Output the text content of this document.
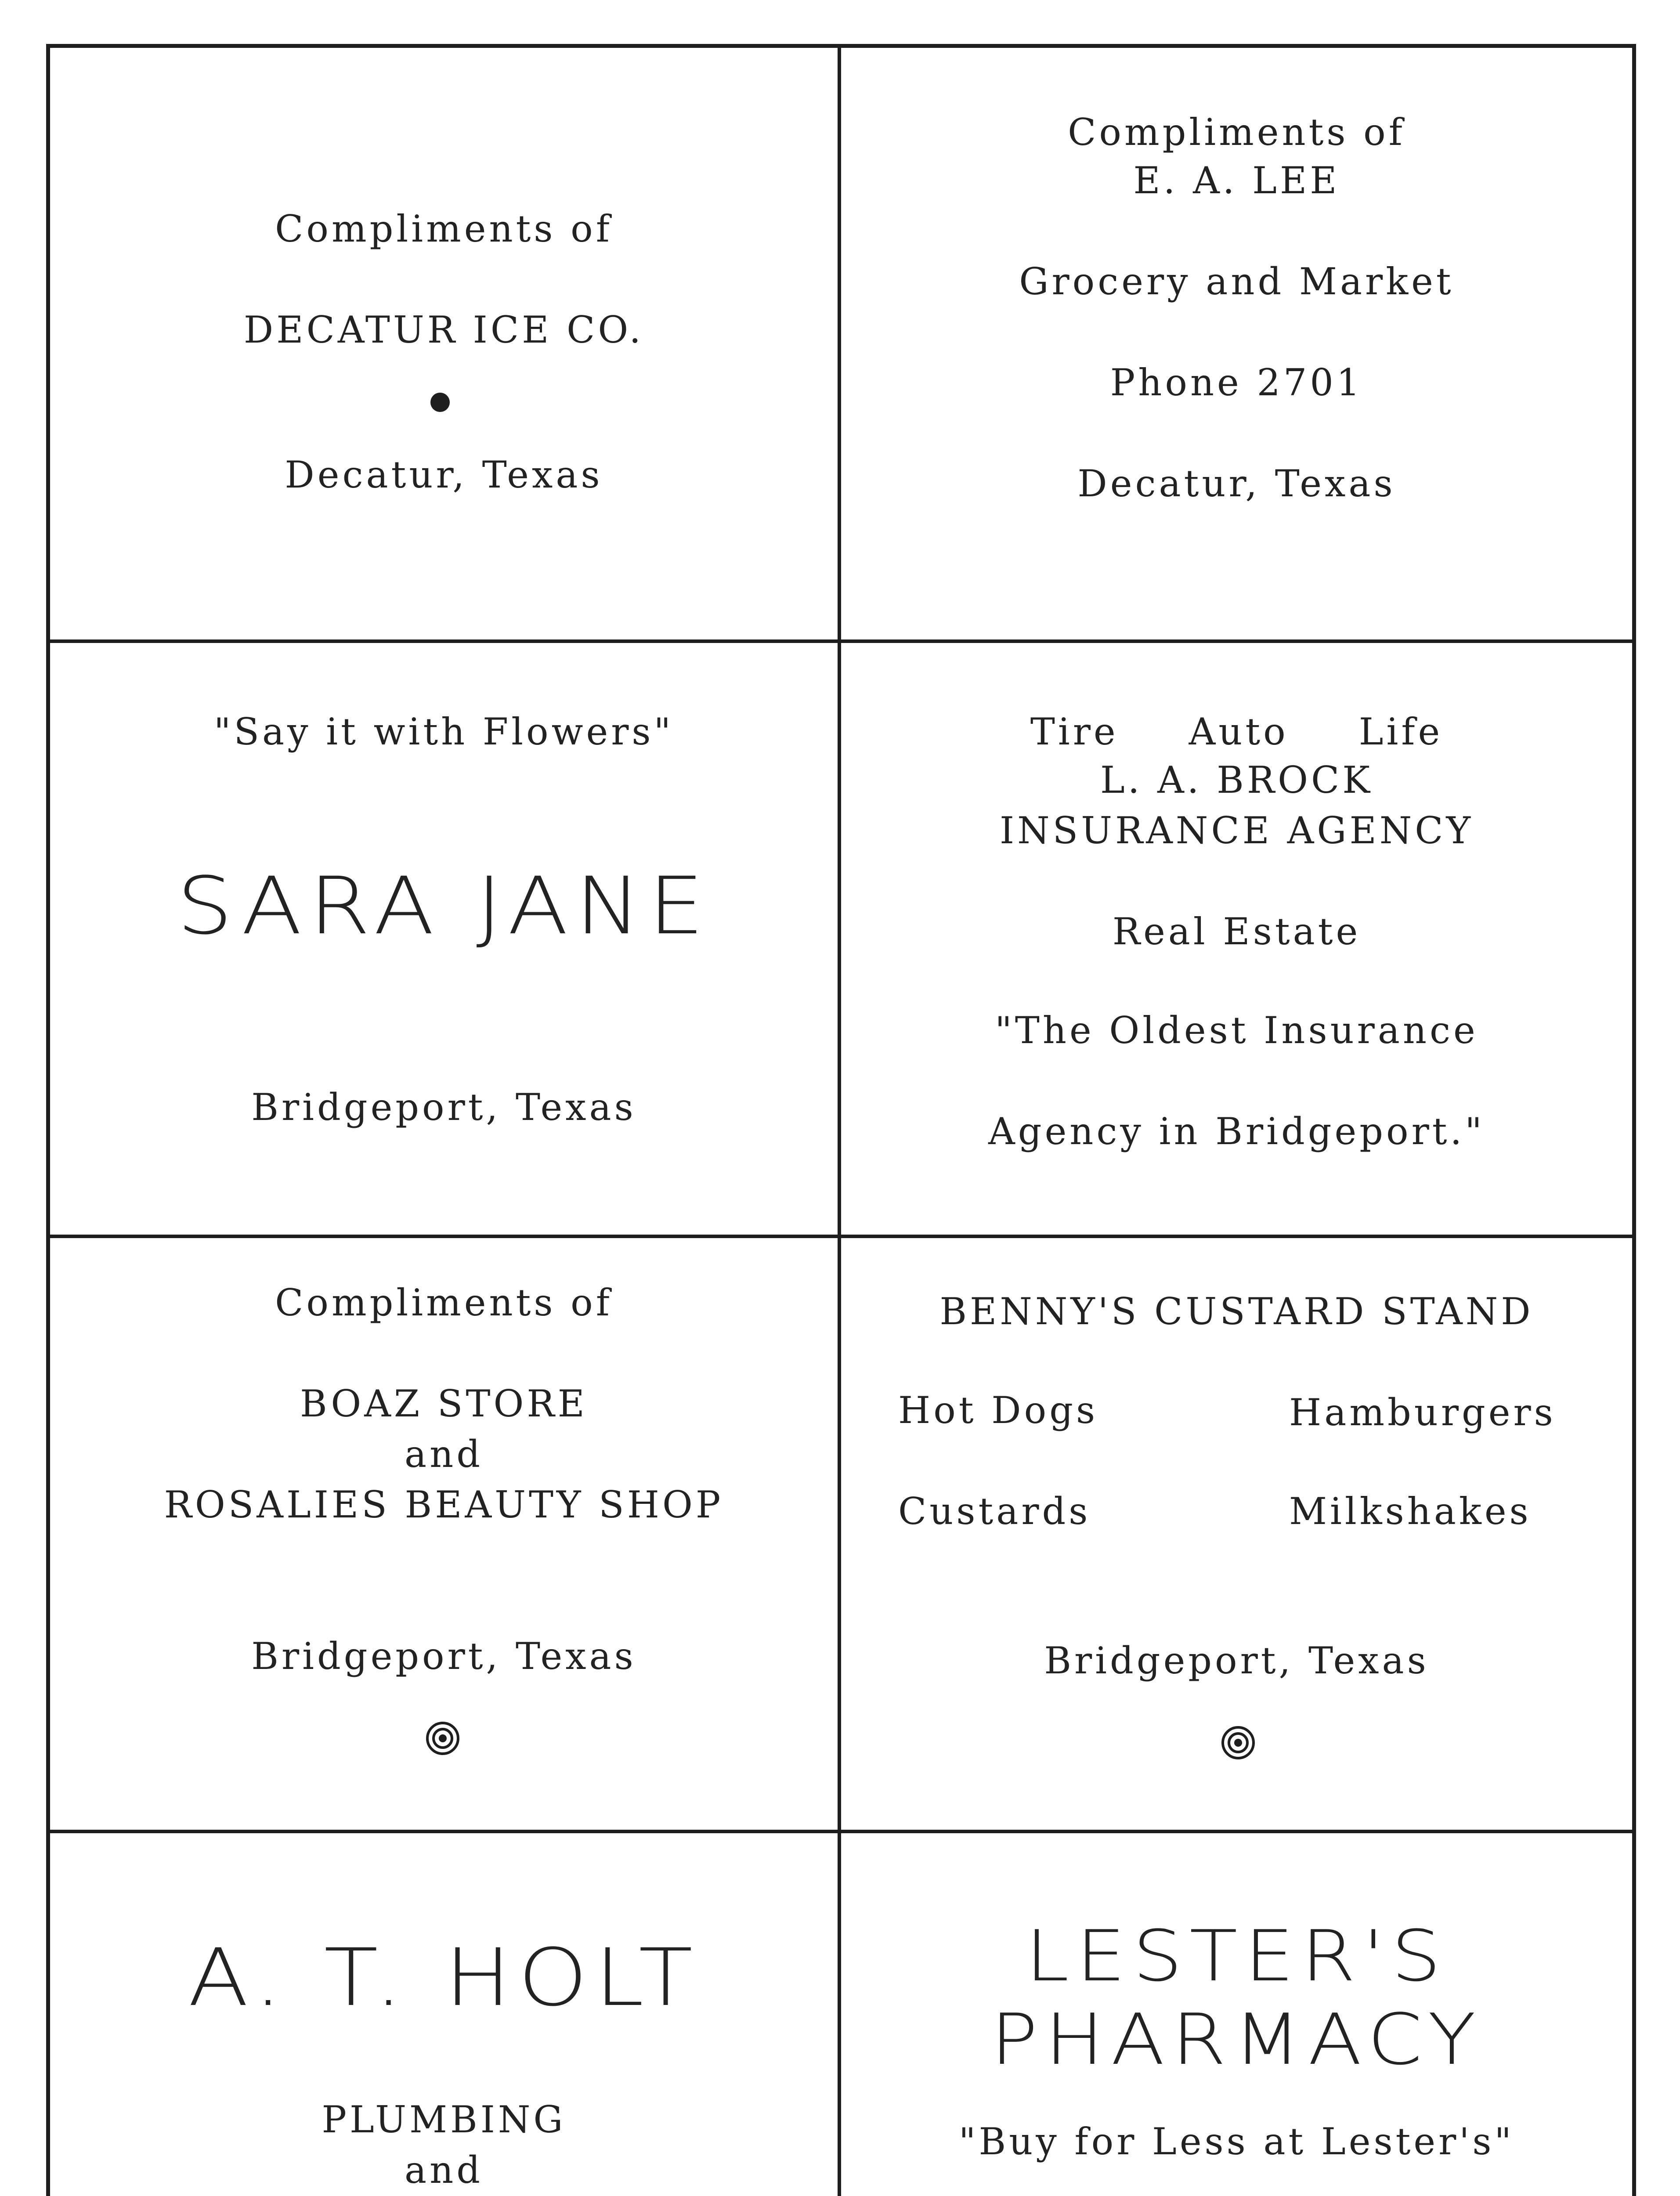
Compliments of
DECATUR ICE CO.
Decatur, Texas
Compliments of
E. A. LEE
Grocery and Market
Phone 2701
Decatur, Texas
"Say it with Flowers"
SARA JANE
Bridgeport, Texas
Tire Auto Life
L. A. BROCK
INSURANCE AGENCY
Real Estate
"The Oldest Insurance
Agency in Bridgeport."
Compliments of
BOAZ STORE
and
ROSALIES BEAUTY SHOP
Bridgeport, Texas
BENNY'S CUSTARD STAND
Hot Dogs	Hamburgers
Custards	Milkshakes
Bridgeport, Texas
A. T. HOLT
PLUMBING
and
LESTER'S
PHARMACY
"Buy for Less at Lester's"
